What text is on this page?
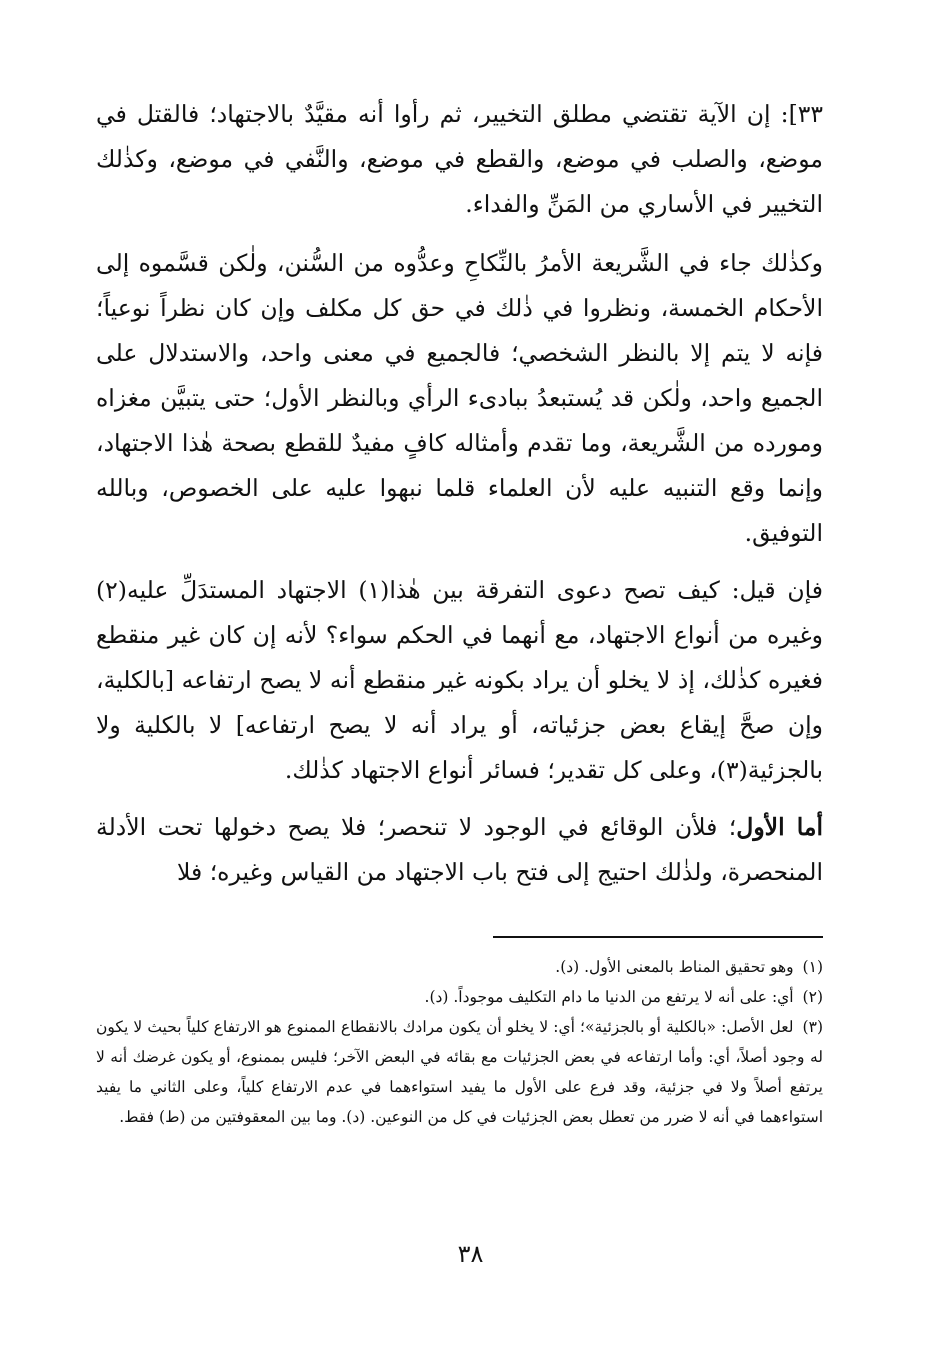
٣٣]: إن الآية تقتضي مطلق التخيير، ثم رأوا أنه مقيَّدٌ بالاجتهاد؛ فالقتل في موضع، والصلب في موضع، والقطع في موضع، والنَّفي في موضع، وكذٰلك التخيير في الأساري من المَنِّ والفداء.

وكذٰلك جاء في الشَّريعة الأمرُ بالنِّكاحِ وعدُّوه من السُّنن، ولٰكن قسَّموه إلى الأحكام الخمسة، ونظروا في ذٰلك في حق كل مكلف وإن كان نظراً نوعياً؛ فإنه لا يتم إلا بالنظر الشخصي؛ فالجميع في معنى واحد، والاستدلال على الجميع واحد، ولٰكن قد يُستبعدُ ببادىء الرأي وبالنظر الأول؛ حتى يتبيَّن مغزاه ومورده من الشَّريعة، وما تقدم وأمثاله كافٍ مفيدٌ للقطع بصحة هٰذا الاجتهاد، وإنما وقع التنبيه عليه لأن العلماء قلما نبهوا عليه على الخصوص، وبالله التوفيق.

فإن قيل: كيف تصح دعوى التفرقة بين هٰذا(١) الاجتهاد المستدَلِّ عليه(٢) وغيره من أنواع الاجتهاد، مع أنهما في الحكم سواء؟ لأنه إن كان غير منقطع فغيره كذٰلك، إذ لا يخلو أن يراد بكونه غير منقطع أنه لا يصح ارتفاعه [بالكلية، وإن صحَّ إيقاع بعض جزئياته، أو يراد أنه لا يصح ارتفاعه] لا بالكلية ولا بالجزئية(٣)، وعلى كل تقدير؛ فسائر أنواع الاجتهاد كذٰلك.

أما الأول؛ فلأن الوقائع في الوجود لا تنحصر؛ فلا يصح دخولها تحت الأدلة المنحصرة، ولذٰلك احتيج إلى فتح باب الاجتهاد من القياس وغيره؛ فلا

(١) وهو تحقيق المناط بالمعنى الأول. (د).

(٢) أي: على أنه لا يرتفع من الدنيا ما دام التكليف موجوداً. (د).

(٣) لعل الأصل: «بالكلية أو بالجزئية»؛ أي: لا يخلو أن يكون مرادك بالانقطاع الممنوع هو الارتفاع كلياً بحيث لا يكون له وجود أصلاً، أي: وأما ارتفاعه في بعض الجزئيات مع بقائه في البعض الآخر؛ فليس بممنوع، أو يكون غرضك أنه لا يرتفع أصلاً ولا في جزئية، وقد فرع على الأول ما يفيد استواءهما في عدم الارتفاع كلياً، وعلى الثاني ما يفيد استواءهما في أنه لا ضرر من تعطل بعض الجزئيات في كل من النوعين. (د). وما بين المعقوفتين من (ط) فقط.

٣٨
